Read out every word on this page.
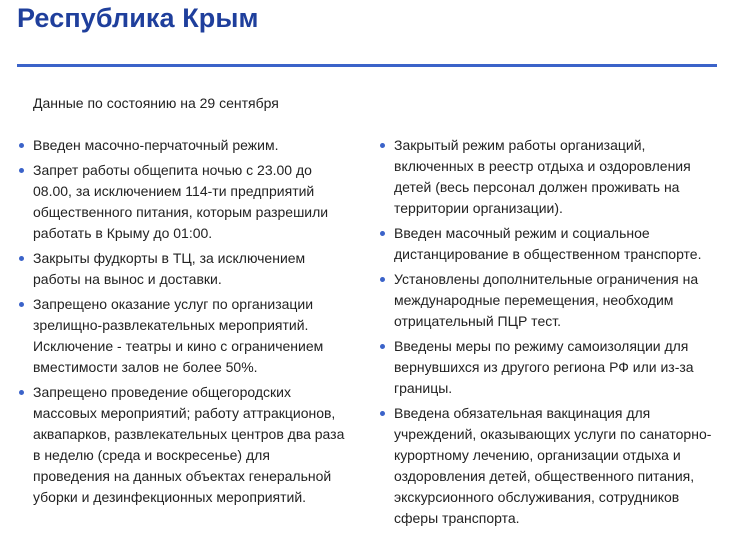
Республика Крым
Данные по состоянию на 29 сентября
Введен масочно-перчаточный режим.
Запрет работы общепита ночью с 23.00 до 08.00, за исключением 114-ти предприятий общественного питания, которым разрешили работать в Крыму до 01:00.
Закрыты фудкорты в ТЦ, за исключением работы на вынос и доставки.
Запрещено оказание услуг по организации зрелищно-развлекательных мероприятий. Исключение - театры и кино с ограничением вместимости залов не более 50%.
Запрещено проведение общегородских массовых мероприятий; работу аттракционов, аквапарков, развлекательных центров два раза в неделю (среда и воскресенье) для проведения на данных объектах генеральной уборки и дезинфекционных мероприятий.
Закрытый режим работы организаций, включенных в реестр отдыха и оздоровления детей (весь персонал должен проживать на территории организации).
Введен масочный режим и социальное дистанцирование в общественном транспорте.
Установлены дополнительные ограничения на международные перемещения, необходим отрицательный ПЦР тест.
Введены меры по режиму самоизоляции для вернувшихся из другого региона РФ или из-за границы.
Введена обязательная вакцинация для учреждений, оказывающих услуги по санаторно-курортному лечению, организации отдыха и оздоровления детей, общественного питания, экскурсионного обслуживания, сотрудников сферы транспорта.
